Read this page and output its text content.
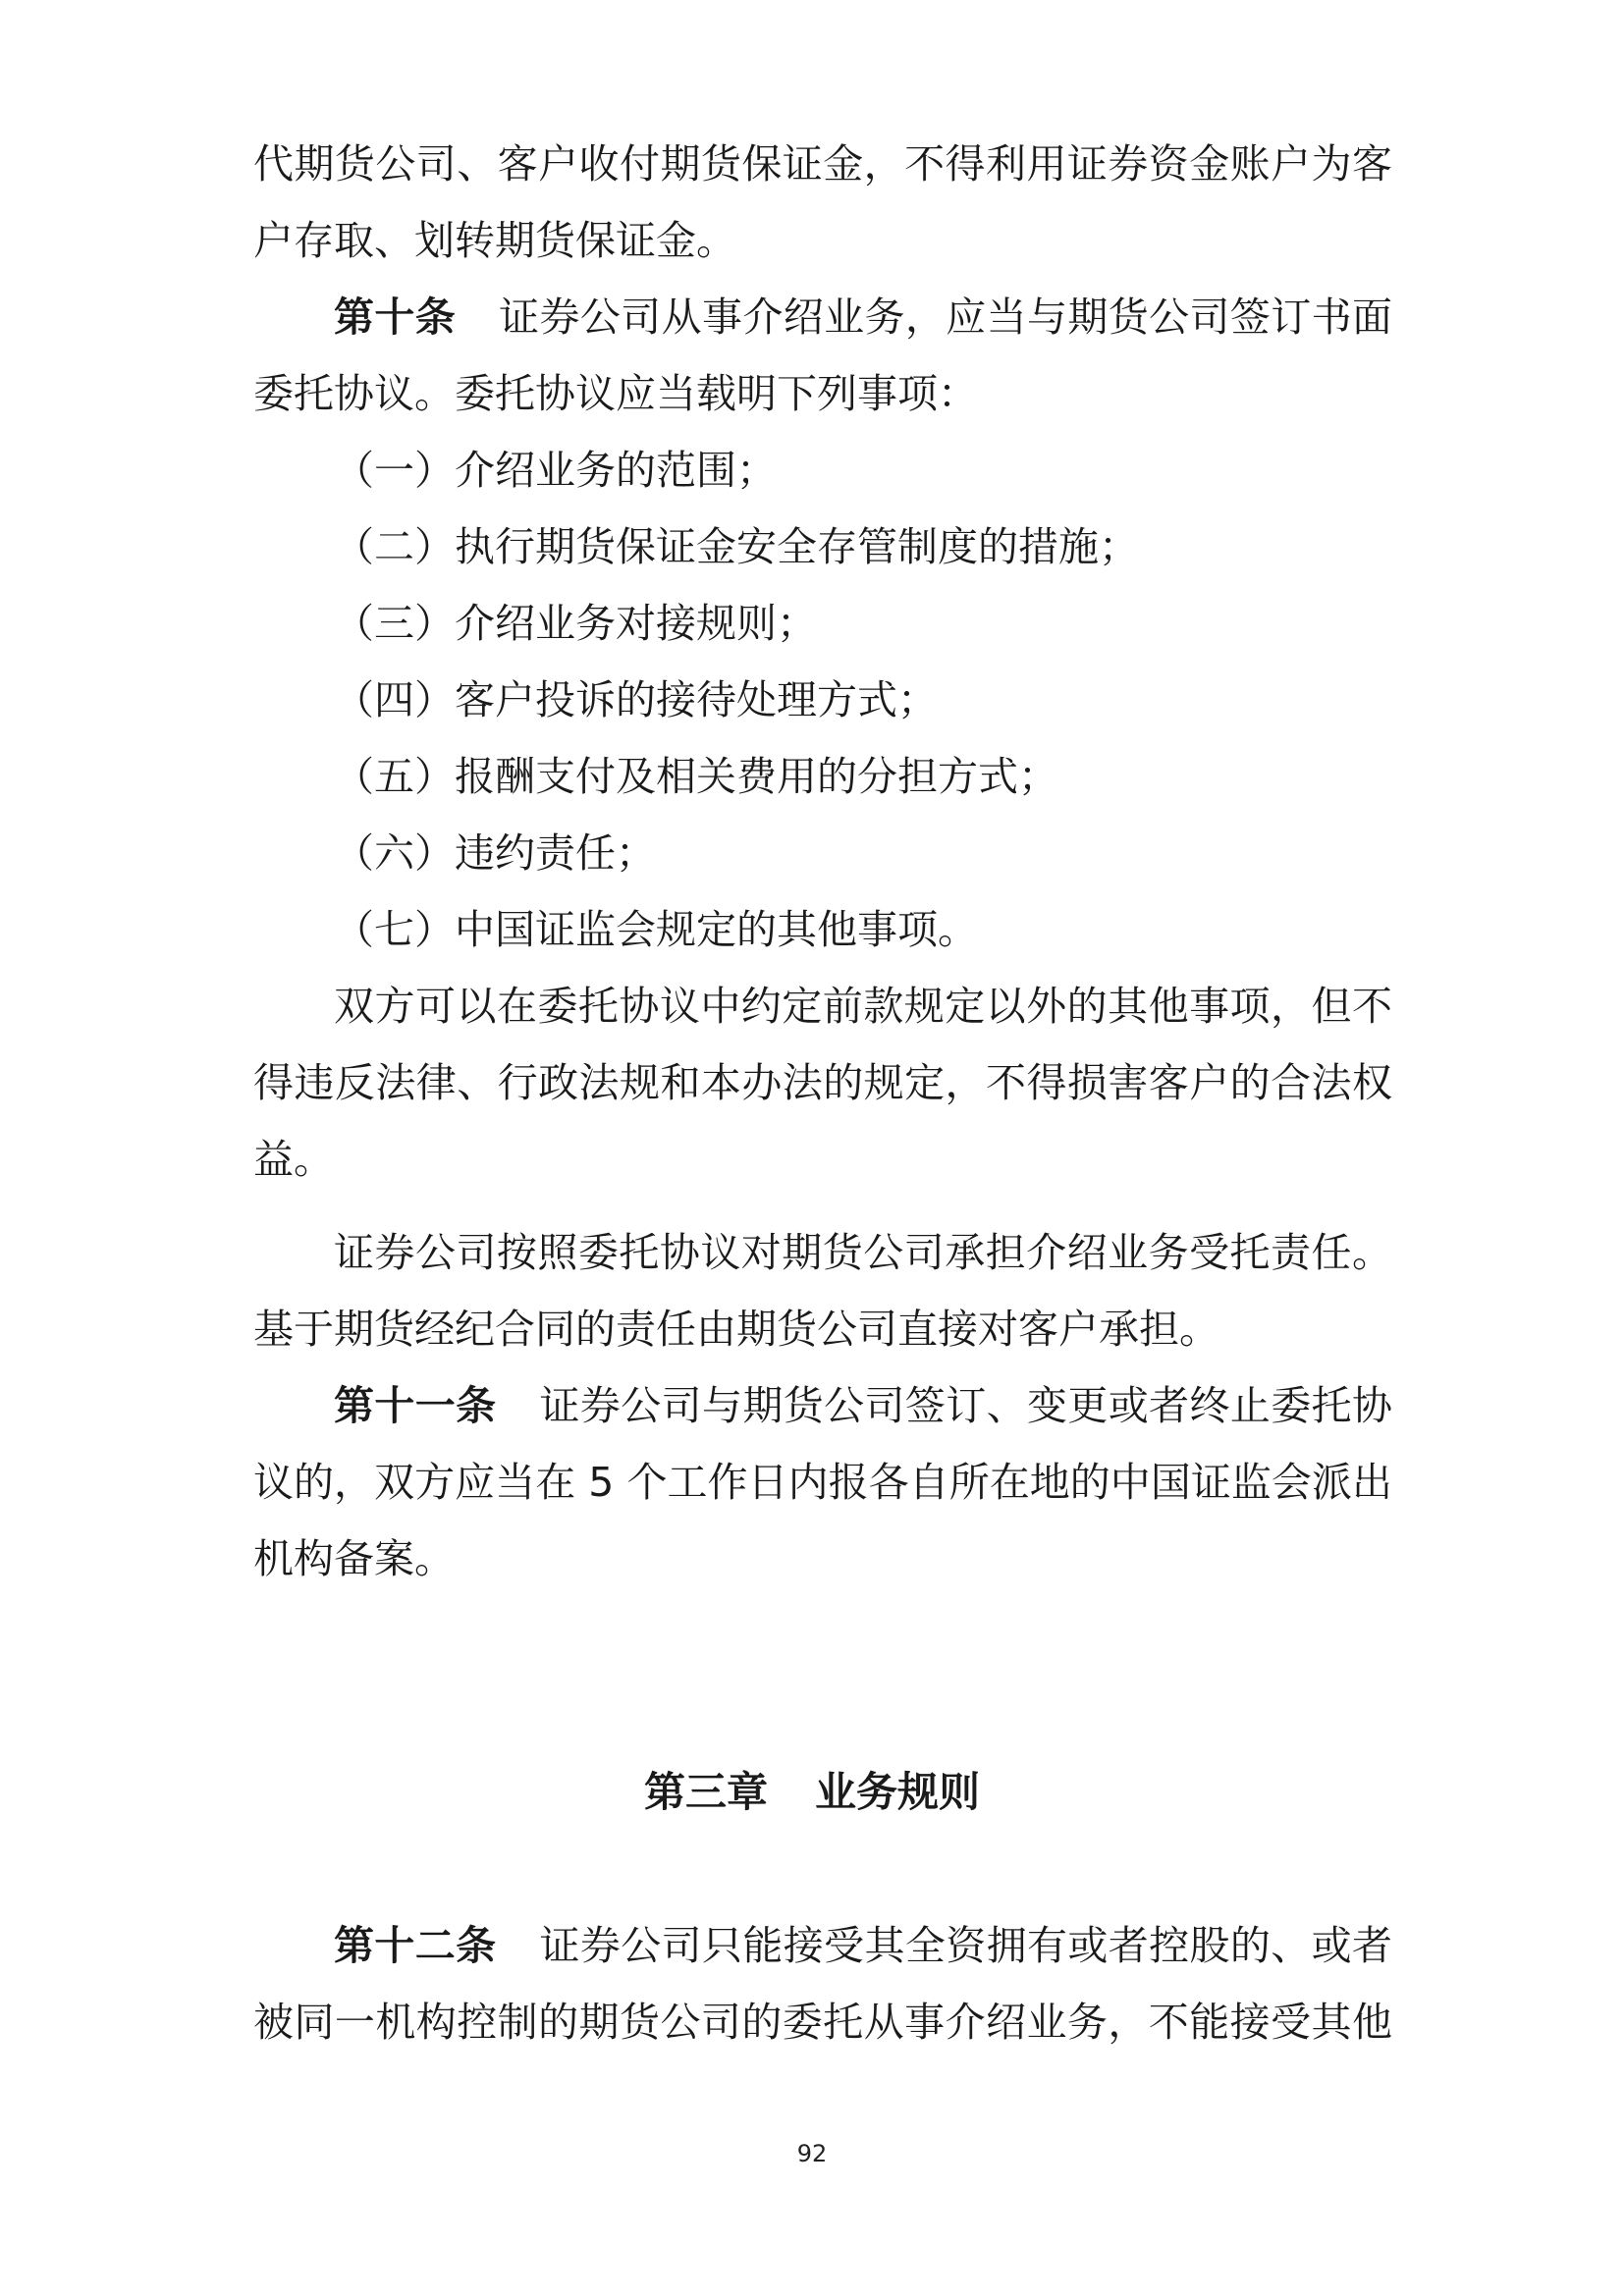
代期货公司、客户收付期货保证金，不得利用证券资金账户为客
户存取、划转期货保证金。
第十条 证券公司从事介绍业务，应当与期货公司签订书面
委托协议。委托协议应当载明下列事项：
（一）介绍业务的范围；
（二）执行期货保证金安全存管制度的措施；
（三）介绍业务对接规则；
（四）客户投诉的接待处理方式；
（五）报酬支付及相关费用的分担方式；
（六）违约责任；
（七）中国证监会规定的其他事项。
双方可以在委托协议中约定前款规定以外的其他事项，但不
得违反法律、行政法规和本办法的规定，不得损害客户的合法权
益。
证券公司按照委托协议对期货公司承担介绍业务受托责任。
基于期货经纪合同的责任由期货公司直接对客户承担。
第十一条 证券公司与期货公司签订、变更或者终止委托协
议的，双方应当在 5 个工作日内报各自所在地的中国证监会派出
机构备案。
第三章 业务规则
第十二条 证券公司只能接受其全资拥有或者控股的、或者
被同一机构控制的期货公司的委托从事介绍业务，不能接受其他
92
